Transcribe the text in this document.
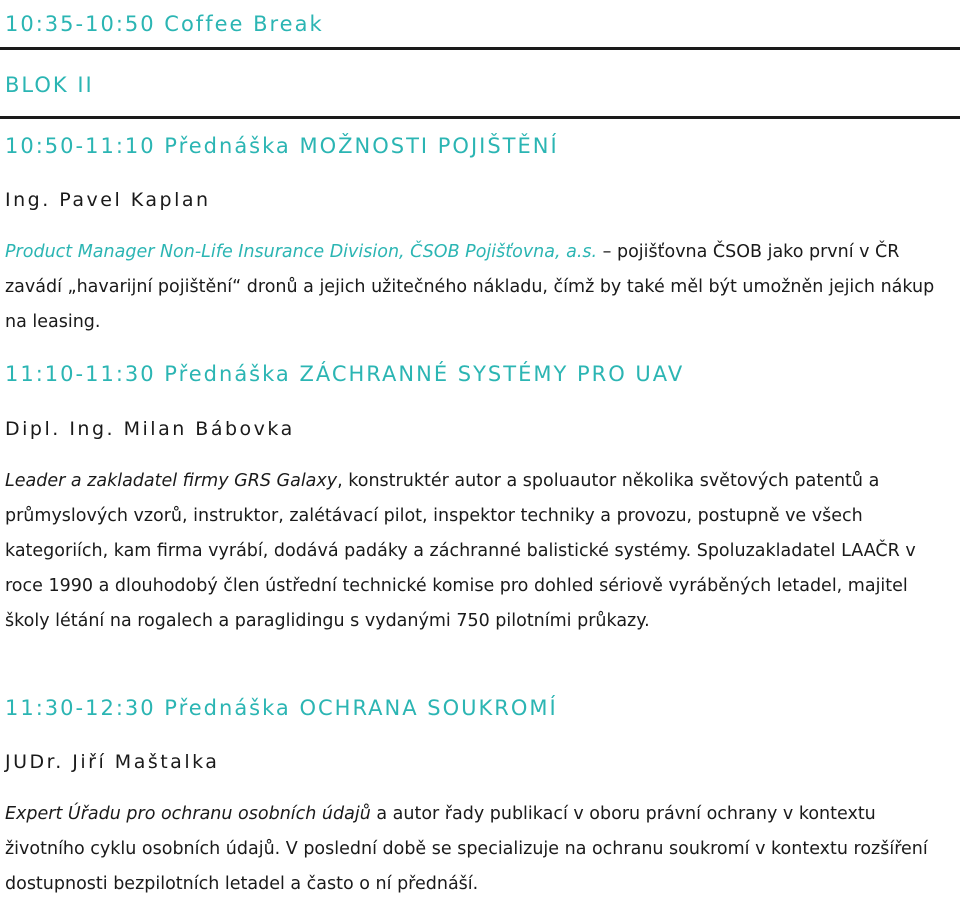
10:35-10:50 Coffee Break
BLOK II
10:50-11:10 Přednáška MOŽNOSTI POJIŠTĚNÍ
Ing. Pavel Kaplan

Product Manager Non-Life Insurance Division, ČSOB Pojišťovna, a.s. – pojišťovna ČSOB jako první v ČR zavádí „havarijní pojištění“ dronů a jejich užitečného nákladu, čímž by také měl být umožněn jejich nákup na leasing.

11:10-11:30 Přednáška ZÁCHRANNÉ SYSTÉMY PRO UAV
Dipl. Ing. Milan Bábovka

Leader a zakladatel firmy GRS Galaxy, konstruktér autor a spoluautor několika světových patentů a průmyslových vzorů, instruktor, zalétávací pilot, inspektor techniky a provozu, postupně ve všech kategoriích, kam firma vyrábí, dodává padáky a záchranné balistické systémy. Spoluzakladatel LAAČR v roce 1990 a dlouhodobý člen ústřední technické komise pro dohled sériově vyráběných letadel, majitel školy létání na rogalech a paraglidingu s vydanými 750 pilotními průkazy.

11:30-12:30 Přednáška OCHRANA SOUKROMÍ
JUDr. Jiří Maštalka

Expert Úřadu pro ochranu osobních údajů a autor řady publikací v oboru právní ochrany v kontextu životního cyklu osobních údajů. V poslední době se specializuje na ochranu soukromí v kontextu rozšíření dostupnosti bezpilotních letadel a často o ní přednáší.
